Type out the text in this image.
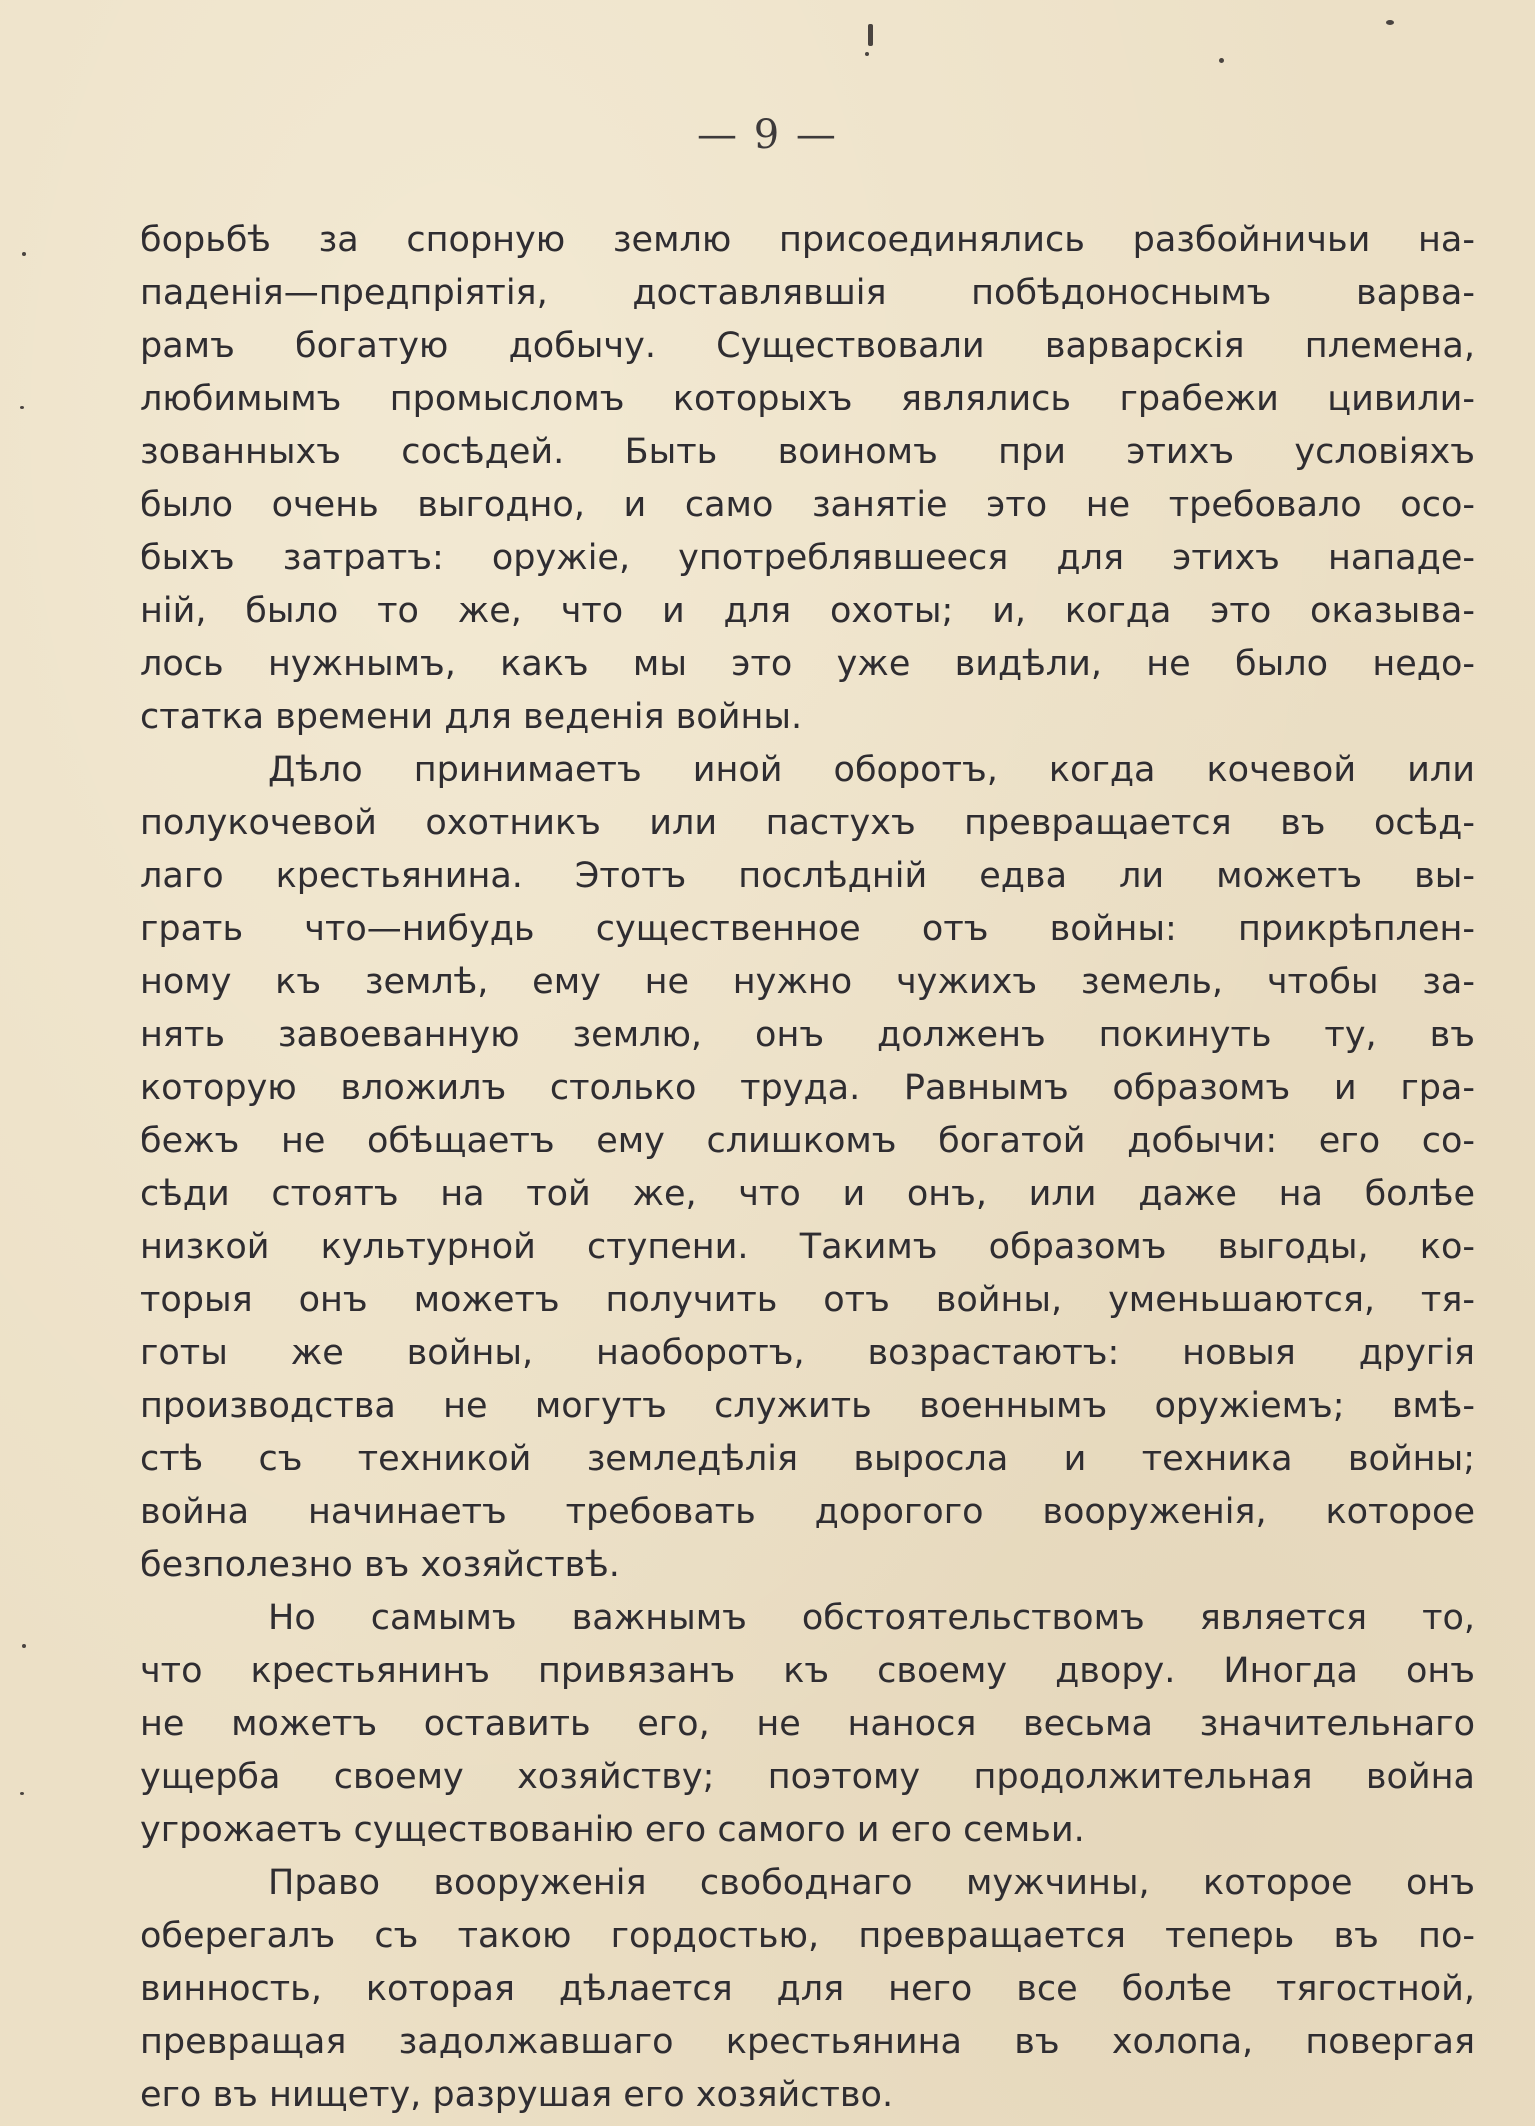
— 9 —
борьбѣ за спорную землю присоединялись разбойничьи на-
паденія—предпріятія, доставлявшія побѣдоноснымъ варва-
рамъ богатую добычу. Существовали варварскія племена,
любимымъ промысломъ которыхъ являлись грабежи цивили-
зованныхъ сосѣдей. Быть воиномъ при этихъ условіяхъ
было очень выгодно, и само занятіе это не требовало осо-
быхъ затратъ: оружіе, употреблявшееся для этихъ нападе-
ній, было то же, что и для охоты; и, когда это оказыва-
лось нужнымъ, какъ мы это уже видѣли, не было недо-
статка времени для веденія войны.
Дѣло принимаетъ иной оборотъ, когда кочевой или
полукочевой охотникъ или пастухъ превращается въ осѣд-
лаго крестьянина. Этотъ послѣдній едва ли можетъ вы-
грать что—нибудь существенное отъ войны: прикрѣплен-
ному къ землѣ, ему не нужно чужихъ земель, чтобы за-
нять завоеванную землю, онъ долженъ покинуть ту, въ
которую вложилъ столько труда. Равнымъ образомъ и гра-
бежъ не обѣщаетъ ему слишкомъ богатой добычи: его со-
сѣди стоятъ на той же, что и онъ, или даже на болѣе
низкой культурной ступени. Такимъ образомъ выгоды, ко-
торыя онъ можетъ получить отъ войны, уменьшаются, тя-
готы же войны, наоборотъ, возрастаютъ: новыя другія
производства не могутъ служить военнымъ оружіемъ; вмѣ-
стѣ съ техникой земледѣлія выросла и техника войны;
война начинаетъ требовать дорогого вооруженія, которое
безполезно въ хозяйствѣ.
Но самымъ важнымъ обстоятельствомъ является то,
что крестьянинъ привязанъ къ своему двору. Иногда онъ
не можетъ оставить его, не нанося весьма значительнаго
ущерба своему хозяйству; поэтому продолжительная война
угрожаетъ существованію его самого и его семьи.
Право вооруженія свободнаго мужчины, которое онъ
оберегалъ съ такою гордостью, превращается теперь въ по-
винность, которая дѣлается для него все болѣе тягостной,
превращая задолжавшаго крестьянина въ холопа, повергая
его въ нищету, разрушая его хозяйство.
